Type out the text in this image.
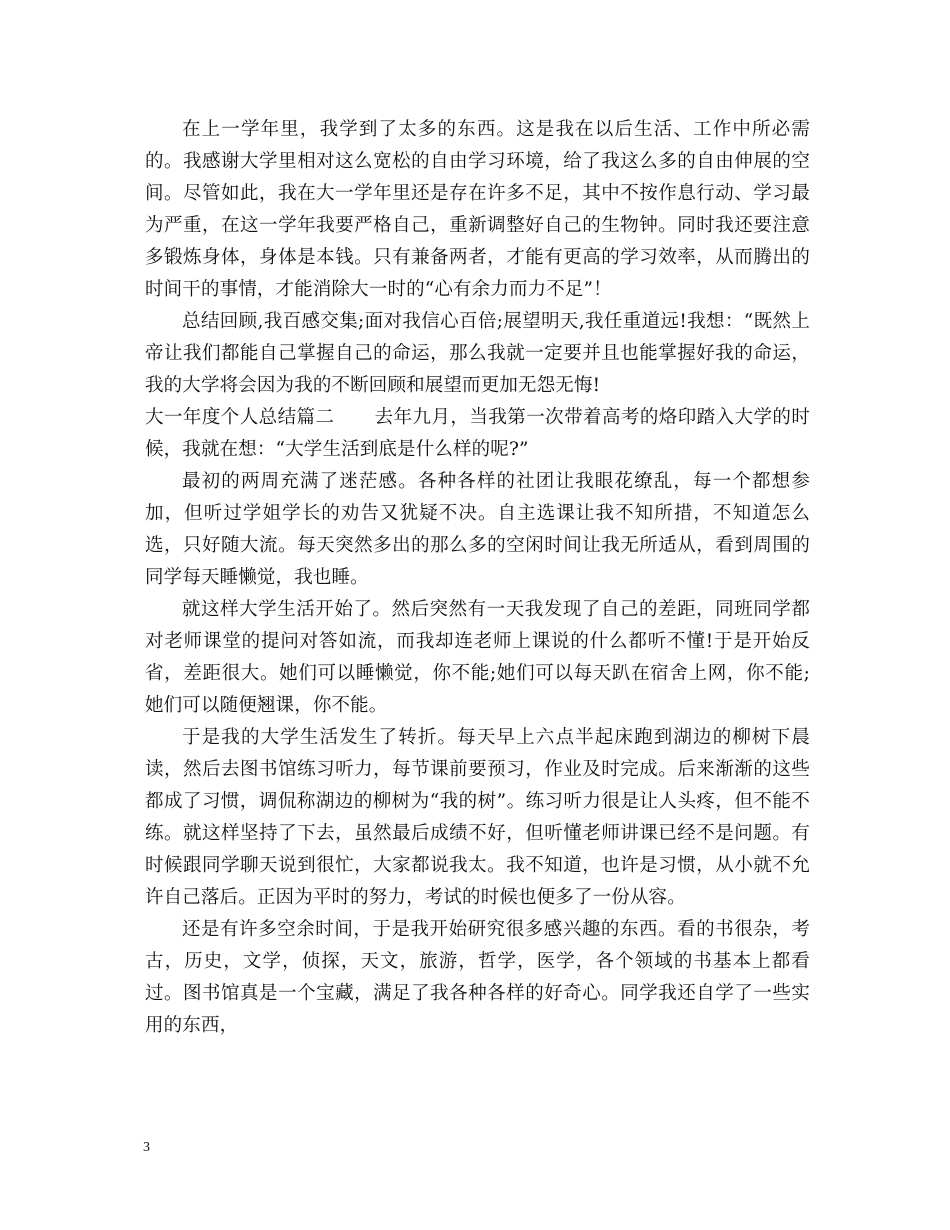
在上一学年里，我学到了太多的东西。这是我在以后生活、工作中所必需的。我感谢大学里相对这么宽松的自由学习环境，给了我这么多的自由伸展的空间。尽管如此，我在大一学年里还是存在许多不足，其中不按作息行动、学习最为严重，在这一学年我要严格自己，重新调整好自己的生物钟。同时我还要注意多锻炼身体，身体是本钱。只有兼备两者，才能有更高的学习效率，从而腾出的时间干的事情，才能消除大一时的“心有余力而力不足”！

总结回顾,我百感交集;面对我信心百倍;展望明天,我任重道远!我想：“既然上帝让我们都能自己掌握自己的命运，那么我就一定要并且也能掌握好我的命运，我的大学将会因为我的不断回顾和展望而更加无怨无悔!

大一年度个人总结篇二 去年九月，当我第一次带着高考的烙印踏入大学的时候，我就在想：“大学生活到底是什么样的呢?”

最初的两周充满了迷茫感。各种各样的社团让我眼花缭乱，每一个都想参加，但听过学姐学长的劝告又犹疑不决。自主选课让我不知所措，不知道怎么选，只好随大流。每天突然多出的那么多的空闲时间让我无所适从，看到周围的同学每天睡懒觉，我也睡。

就这样大学生活开始了。然后突然有一天我发现了自己的差距，同班同学都对老师课堂的提问对答如流，而我却连老师上课说的什么都听不懂!于是开始反省，差距很大。她们可以睡懒觉，你不能;她们可以每天趴在宿舍上网，你不能;她们可以随便翘课，你不能。

于是我的大学生活发生了转折。每天早上六点半起床跑到湖边的柳树下晨读，然后去图书馆练习听力，每节课前要预习，作业及时完成。后来渐渐的这些都成了习惯，调侃称湖边的柳树为“我的树”。练习听力很是让人头疼，但不能不练。就这样坚持了下去，虽然最后成绩不好，但听懂老师讲课已经不是问题。有时候跟同学聊天说到很忙，大家都说我太。我不知道，也许是习惯，从小就不允许自己落后。正因为平时的努力，考试的时候也便多了一份从容。

还是有许多空余时间，于是我开始研究很多感兴趣的东西。看的书很杂，考古，历史，文学，侦探，天文，旅游，哲学，医学，各个领域的书基本上都看过。图书馆真是一个宝藏，满足了我各种各样的好奇心。同学我还自学了一些实用的东西，

3
